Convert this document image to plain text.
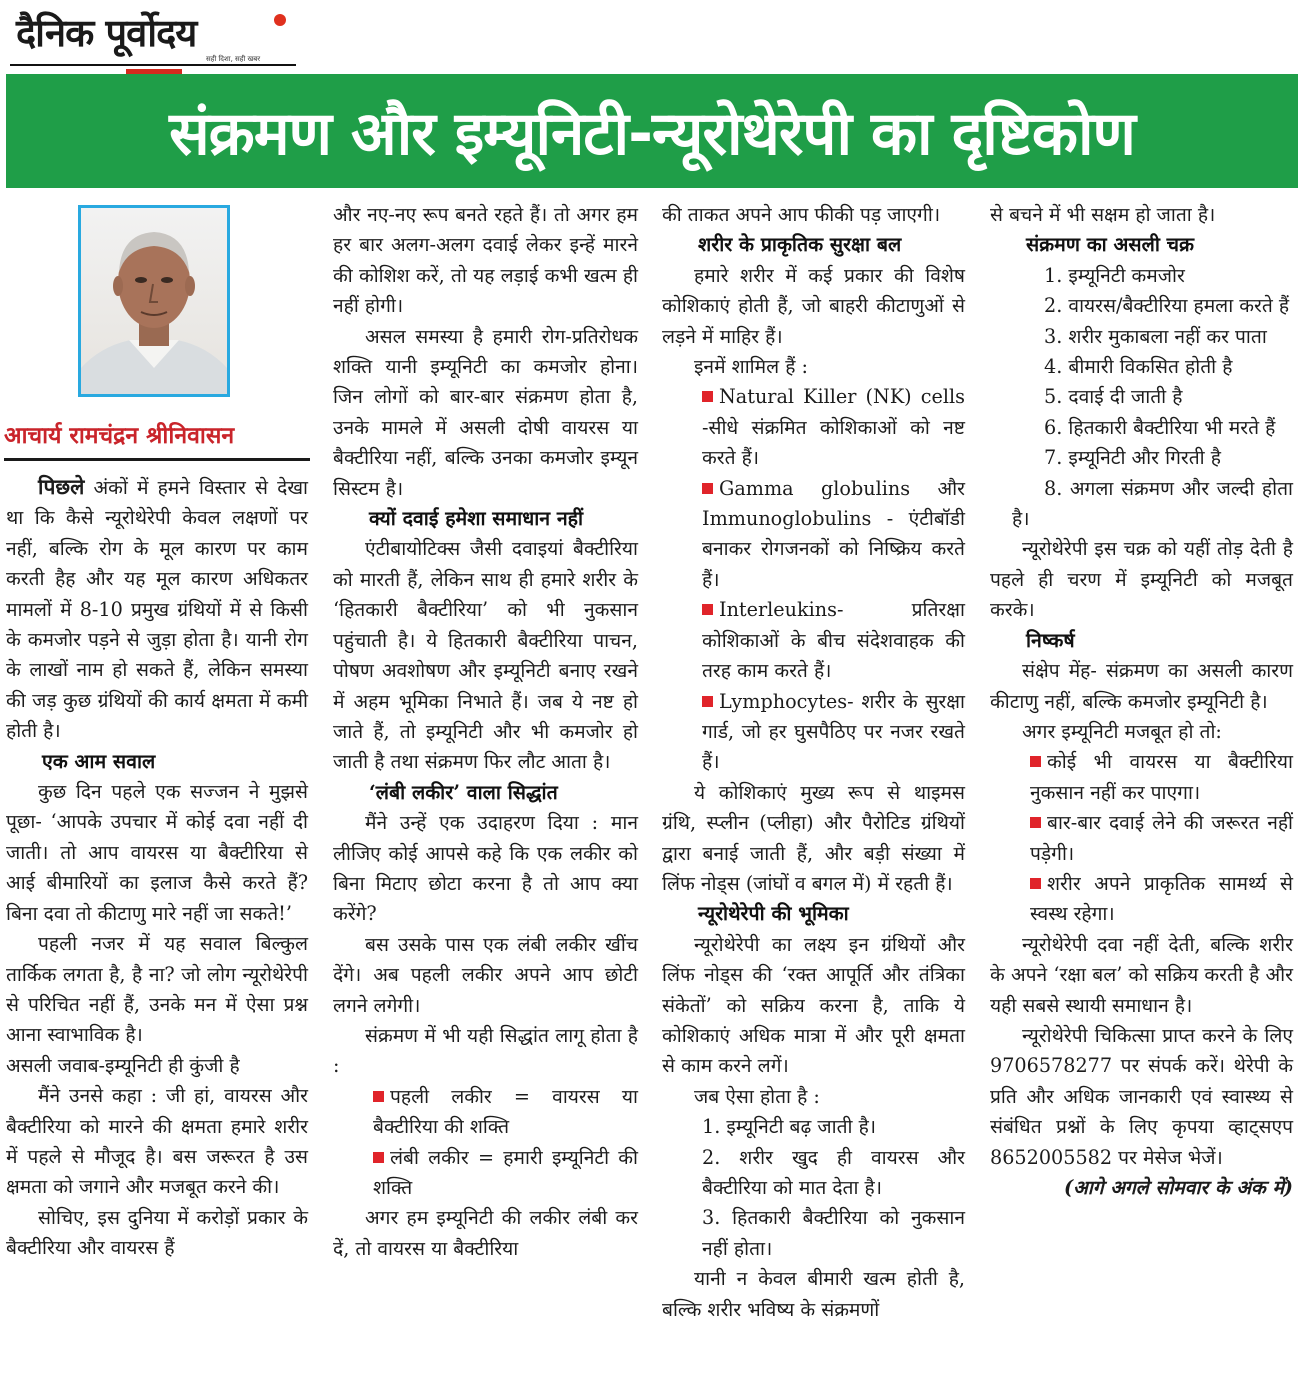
दैनिक पूर्वोदय
सही दिशा, सही खबर
संक्रमण और इम्यूनिटी-न्यूरोथेरेपी का दृष्टिकोण
आचार्य रामचंद्रन श्रीनिवासन

पिछले अंकों में हमने विस्तार से देखा था कि कैसे न्यूरोथेरेपी केवल लक्षणों पर नहीं, बल्कि रोग के मूल कारण पर काम करती हैह और यह मूल कारण अधिकतर मामलों में 8-10 प्रमुख ग्रंथियों में से किसी के कमजोर पड़ने से जुड़ा होता है। यानी रोग के लाखों नाम हो सकते हैं, लेकिन समस्या की जड़ कुछ ग्रंथियों की कार्य क्षमता में कमी होती है।

एक आम सवाल

कुछ दिन पहले एक सज्जन ने मुझसे पूछा- ‘आपके उपचार में कोई दवा नहीं दी जाती। तो आप वायरस या बैक्टीरिया से आई बीमारियों का इलाज कैसे करते हैं? बिना दवा तो कीटाणु मारे नहीं जा सकते!’

पहली नजर में यह सवाल बिल्कुल तार्किक लगता है, है ना? जो लोग न्यूरोथेरेपी से परिचित नहीं हैं, उनके मन में ऐसा प्रश्न आना स्वाभाविक है।

असली जवाब-इम्यूनिटी ही कुंजी है

मैंने उनसे कहा : जी हां, वायरस और बैक्टीरिया को मारने की क्षमता हमारे शरीर में पहले से मौजूद है। बस जरूरत है उस क्षमता को जगाने और मजबूत करने की।

सोचिए, इस दुनिया में करोड़ों प्रकार के बैक्टीरिया और वायरस हैं

और नए-नए रूप बनते रहते हैं। तो अगर हम हर बार अलग-अलग दवाई लेकर इन्हें मारने की कोशिश करें, तो यह लड़ाई कभी खत्म ही नहीं होगी।

असल समस्या है हमारी रोग-प्रतिरोधक शक्ति यानी इम्यूनिटी का कमजोर होना। जिन लोगों को बार-बार संक्रमण होता है, उनके मामले में असली दोषी वायरस या बैक्टीरिया नहीं, बल्कि उनका कमजोर इम्यून सिस्टम है।

क्यों दवाई हमेशा समाधान नहीं

एंटीबायोटिक्स जैसी दवाइयां बैक्टीरिया को मारती हैं, लेकिन साथ ही हमारे शरीर के ‘हितकारी बैक्टीरिया’ को भी नुकसान पहुंचाती है। ये हितकारी बैक्टीरिया पाचन, पोषण अवशोषण और इम्यूनिटी बनाए रखने में अहम भूमिका निभाते हैं। जब ये नष्ट हो जाते हैं, तो इम्यूनिटी और भी कमजोर हो जाती है तथा संक्रमण फिर लौट आता है।

‘लंबी लकीर’ वाला सिद्धांत

मैंने उन्हें एक उदाहरण दिया : मान लीजिए कोई आपसे कहे कि एक लकीर को बिना मिटाए छोटा करना है तो आप क्या करेंगे?

बस उसके पास एक लंबी लकीर खींच देंगे। अब पहली लकीर अपने आप छोटी लगने लगेगी।

संक्रमण में भी यही सिद्धांत लागू होता है :

पहली लकीर = वायरस या बैक्टीरिया की शक्ति

लंबी लकीर = हमारी इम्यूनिटी की शक्ति

अगर हम इम्यूनिटी की लकीर लंबी कर दें, तो वायरस या बैक्टीरिया

की ताकत अपने आप फीकी पड़ जाएगी।

शरीर के प्राकृतिक सुरक्षा बल

हमारे शरीर में कई प्रकार की विशेष कोशिकाएं होती हैं, जो बाहरी कीटाणुओं से लड़ने में माहिर हैं।

इनमें शामिल हैं :

Natural Killer (NK) cells -सीधे संक्रमित कोशिकाओं को नष्ट करते हैं।

Gamma globulins और Immunoglobulins - एंटीबॉडी बनाकर रोगजनकों को निष्क्रिय करते हैं।

Interleukins- प्रतिरक्षा कोशिकाओं के बीच संदेशवाहक की तरह काम करते हैं।

Lymphocytes- शरीर के सुरक्षा गार्ड, जो हर घुसपैठिए पर नजर रखते हैं।

ये कोशिकाएं मुख्य रूप से थाइमस ग्रंथि, स्प्लीन (प्लीहा) और पैरोटिड ग्रंथियों द्वारा बनाई जाती हैं, और बड़ी संख्या में लिंफ नोड्स (जांघों व बगल में) में रहती हैं।

न्यूरोथेरेपी की भूमिका

न्यूरोथेरेपी का लक्ष्य इन ग्रंथियों और लिंफ नोड्स की ‘रक्त आपूर्ति और तंत्रिका संकेतों’ को सक्रिय करना है, ताकि ये कोशिकाएं अधिक मात्रा में और पूरी क्षमता से काम करने लगें।

जब ऐसा होता है :

1. इम्यूनिटी बढ़ जाती है।

2. शरीर खुद ही वायरस और बैक्टीरिया को मात देता है।

3. हितकारी बैक्टीरिया को नुकसान नहीं होता।

यानी न केवल बीमारी खत्म होती है, बल्कि शरीर भविष्य के संक्रमणों

से बचने में भी सक्षम हो जाता है।

संक्रमण का असली चक्र

1. इम्यूनिटी कमजोर

2. वायरस/बैक्टीरिया हमला करते हैं

3. शरीर मुकाबला नहीं कर पाता

4. बीमारी विकसित होती है

5. दवाई दी जाती है

6. हितकारी बैक्टीरिया भी मरते हैं

7. इम्यूनिटी और गिरती है

8. अगला संक्रमण और जल्दी होता है।

न्यूरोथेरेपी इस चक्र को यहीं तोड़ देती है पहले ही चरण में इम्यूनिटी को मजबूत करके।

निष्कर्ष

संक्षेप मेंह- संक्रमण का असली कारण कीटाणु नहीं, बल्कि कमजोर इम्यूनिटी है।

अगर इम्यूनिटी मजबूत हो तो:

कोई भी वायरस या बैक्टीरिया नुकसान नहीं कर पाएगा।

बार-बार दवाई लेने की जरूरत नहीं पड़ेगी।

शरीर अपने प्राकृतिक सामर्थ्य से स्वस्थ रहेगा।

न्यूरोथेरेपी दवा नहीं देती, बल्कि शरीर के अपने ‘रक्षा बल’ को सक्रिय करती है और यही सबसे स्थायी समाधान है।

न्यूरोथेरेपी चिकित्सा प्राप्त करने के लिए 9706578277 पर संपर्क करें। थेरेपी के प्रति और अधिक जानकारी एवं स्वास्थ्य से संबंधित प्रश्नों के लिए कृपया व्हाट्सएप 8652005582 पर मेसेज भेजें।

(आगे अगले सोमवार के अंक में)
